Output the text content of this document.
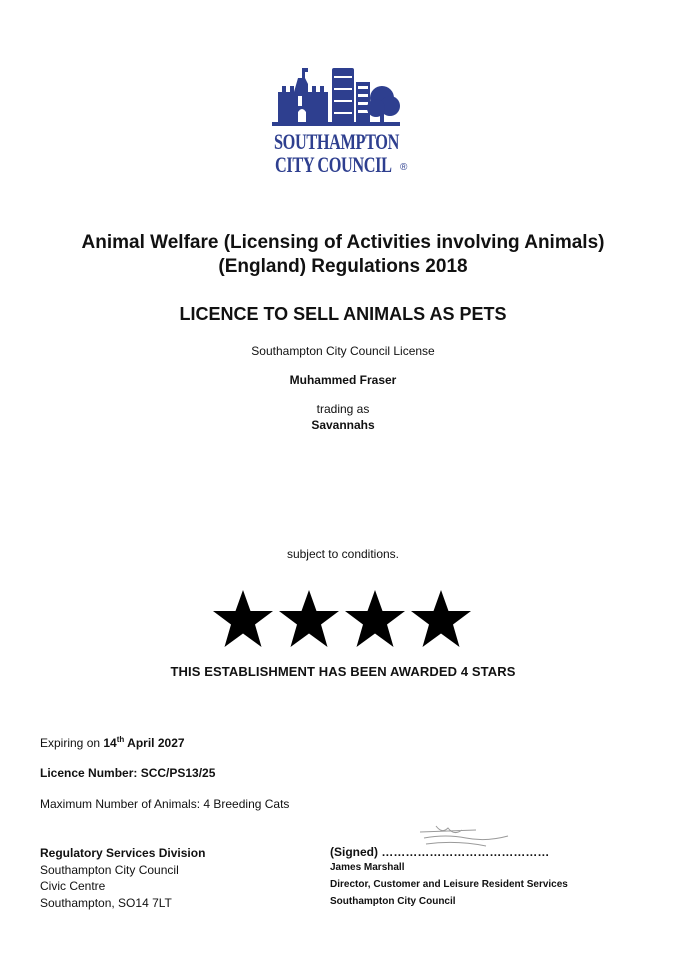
SOUTHAMPTON
CITY COUNCIL ®
Animal Welfare (Licensing of Activities involving Animals)
(England) Regulations 2018
LICENCE TO SELL ANIMALS AS PETS
Southampton City Council License
Muhammed Fraser
trading as
Savannahs
subject to conditions.
THIS ESTABLISHMENT HAS BEEN AWARDED 4 STARS
Expiring on 14th April 2027
Licence Number: SCC/PS13/25
Maximum Number of Animals: 4 Breeding Cats
Regulatory Services Division
Southampton City Council
Civic Centre
Southampton, SO14 7LT
(Signed) ……………………………………
James Marshall
Director, Customer and Leisure Resident Services
Southampton City Council
